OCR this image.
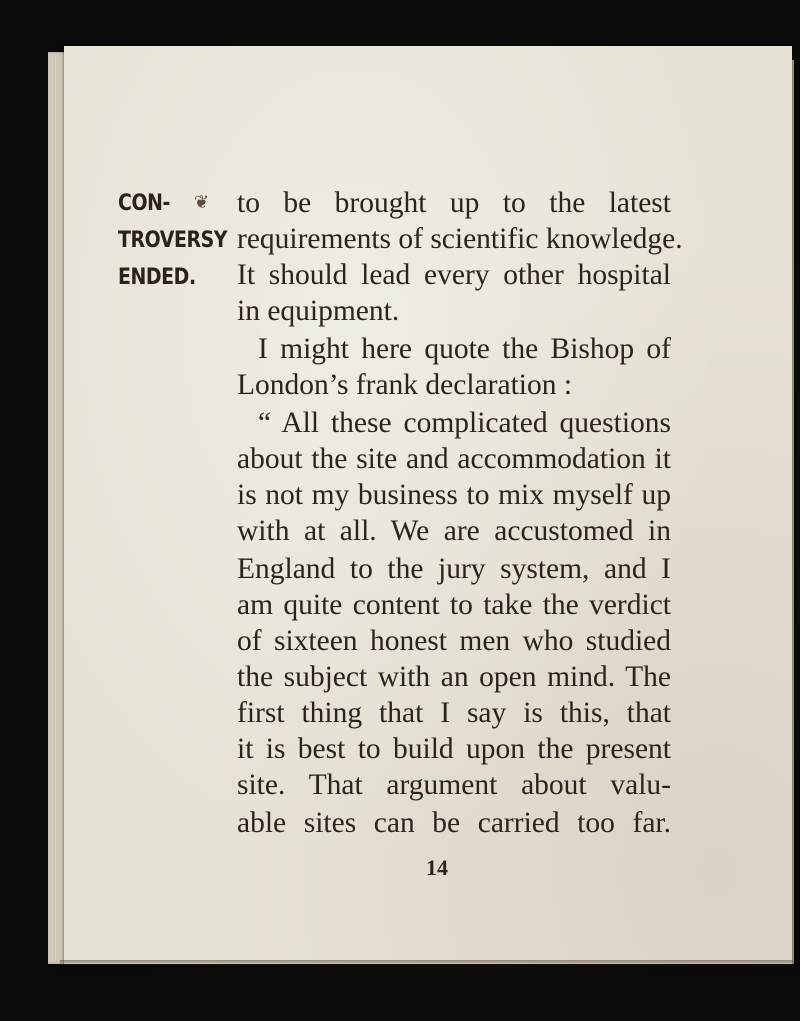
CON-
TROVERSY
ENDED.
❦ to be brought up to the latest
requirements of scientific knowledge.
It should lead every other hospital
in equipment.
I might here quote the Bishop of
London’s frank declaration :
“ All these complicated questions
about the site and accommodation it
is not my business to mix myself up
with at all. We are accustomed in
England to the jury system, and I
am quite content to take the verdict
of sixteen honest men who studied
the subject with an open mind. The
first thing that I say is this, that
it is best to build upon the present
site. That argument about valu-
able sites can be carried too far.
14
